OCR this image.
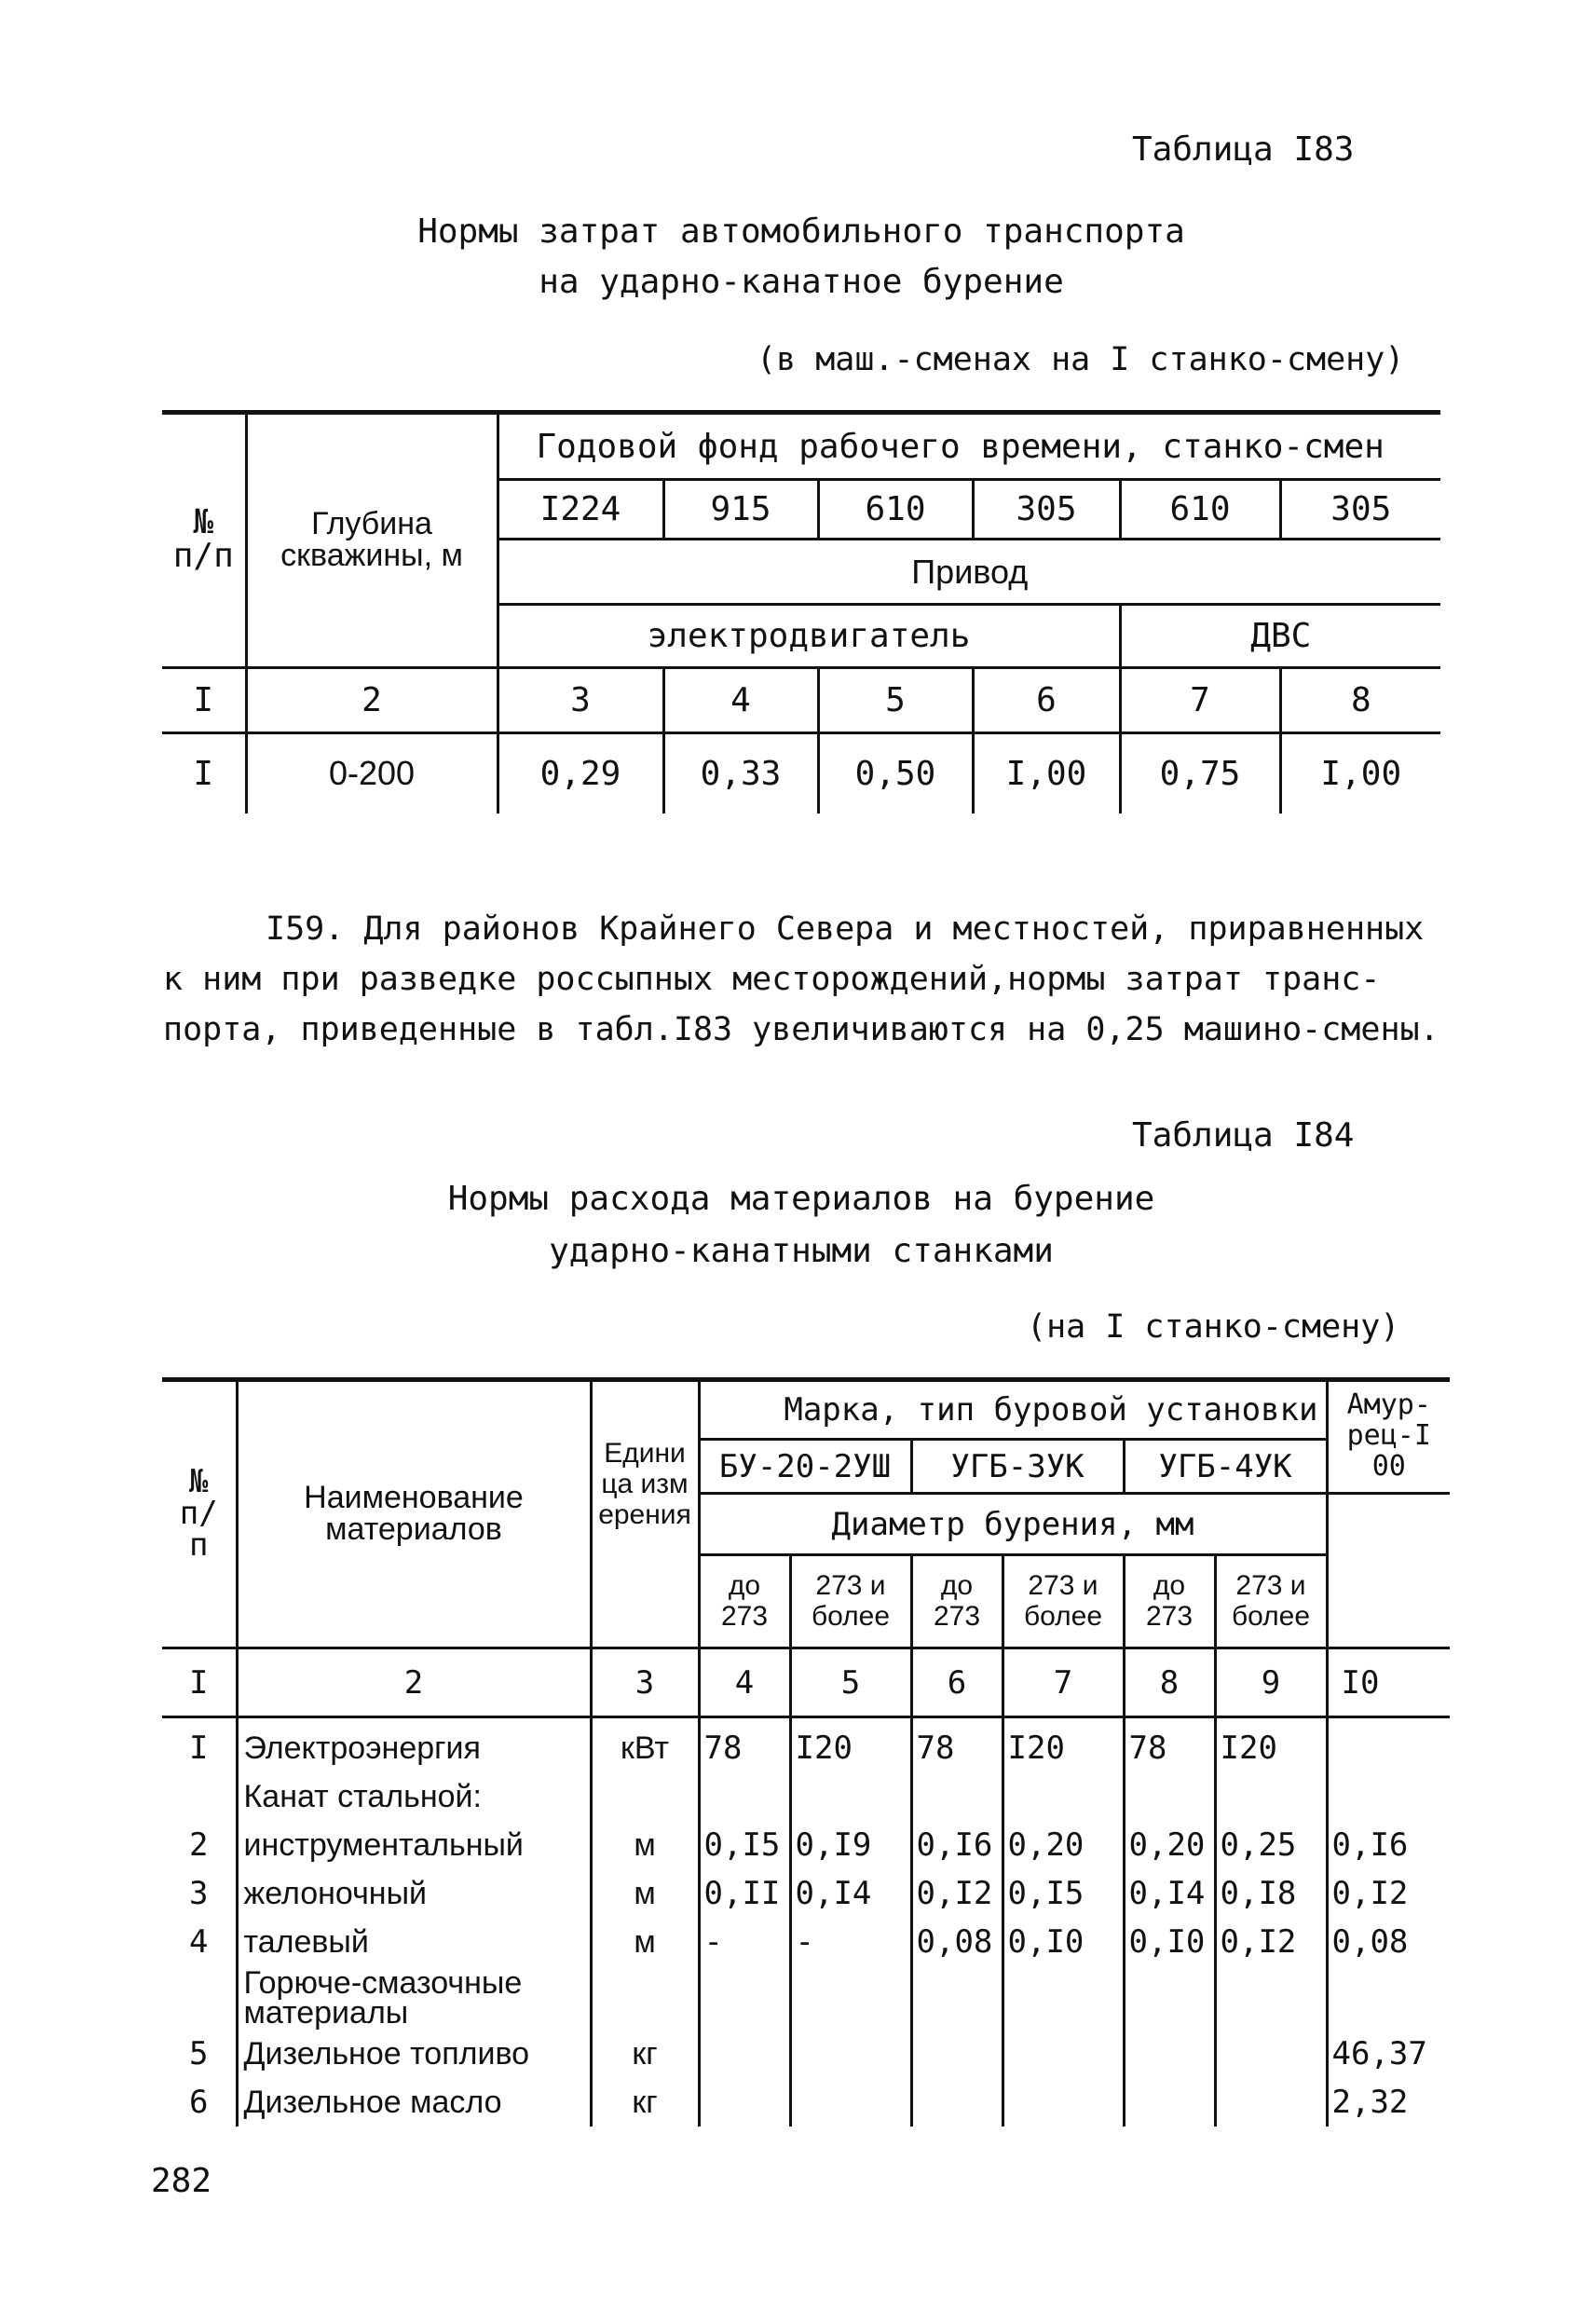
Таблица I83
Нормы затрат автомобильного транспорта
на ударно-канатное бурение
(в маш.-сменах на I станко-смену)
№ п/п	Глубина скважины, м	Годовой фонд рабочего времени, станко-смен					
		I224	915	610	305	610	305
		Привод					
		электродвигатель				ДВС	
I	2	3	4	5	6	7	8
I	0-200	0,29	0,33	0,50	I,00	0,75	I,00
I59. Для районов Крайнего Севера и местностей, приравненных
к ним при разведке россыпных месторождений,нормы затрат транс-
порта, приведенные в табл.I83 увеличиваются на 0,25 машино-смены.
Таблица I84
Нормы расхода материалов на бурение
ударно-канатными станками
(на I станко-смену)
№ п/п	Наименование материалов	Единица измерения	Марка, тип буровой установки						Амур-рец-I00
			БУ-20-2УШ		УГБ-ЗУК		УГБ-4УК		
			Диаметр бурения, мм						
			до 273	273 и более	до 273	273 и более	до 273	273 и более	
I	2	3	4	5	6	7	8	9	I0

I	Электроэнергия	кВт	78	I20	78	I20	78	I20	
	Канат стальной:								
2	инструментальный	м	0,I5	0,I9	0,I6	0,20	0,20	0,25	0,I6
3	желоночный	м	0,II	0,I4	0,I2	0,I5	0,I4	0,I8	0,I2
4	талевый	м	-	-	0,08	0,I0	0,I0	0,I2	0,08
	Горюче-смазочные материалы								
5	Дизельное топливо	кг							46,37
6	Дизельное масло	кг							2,32
282
